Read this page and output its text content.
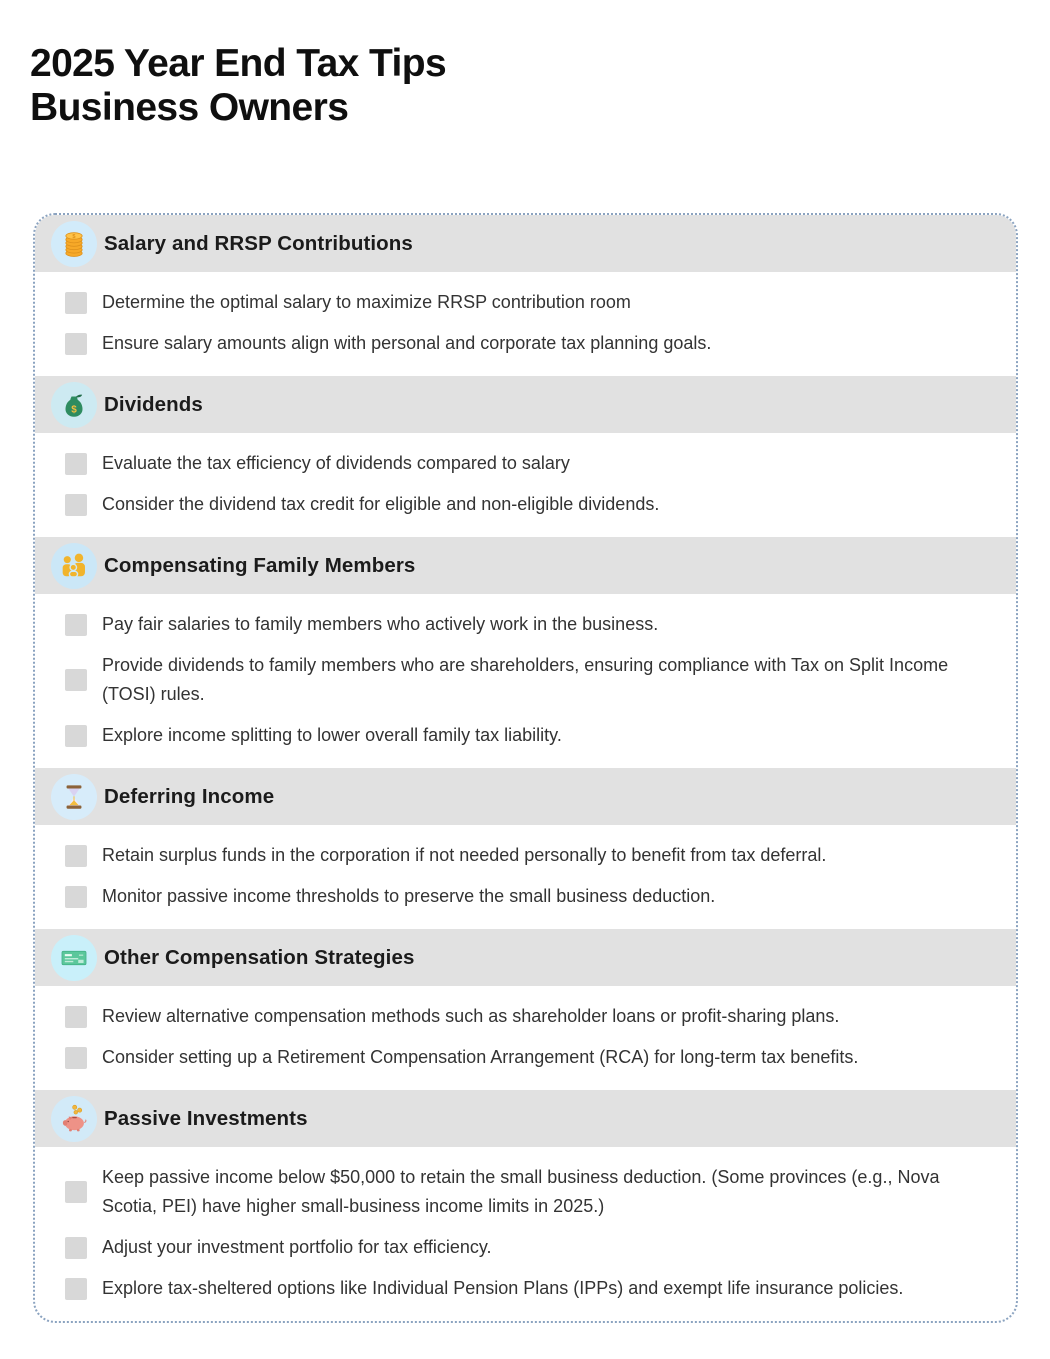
2025 Year End Tax Tips
Business Owners
Salary and RRSP Contributions
Determine the optimal salary to maximize RRSP contribution room
Ensure salary amounts align with personal and corporate tax planning goals.
Dividends
Evaluate the tax efficiency of dividends compared to salary
Consider the dividend tax credit for eligible and non-eligible dividends.
Compensating Family Members
Pay fair salaries to family members who actively work in the business.
Provide dividends to family members who are shareholders, ensuring compliance with Tax on Split Income (TOSI) rules.
Explore income splitting to lower overall family tax liability.
Deferring Income
Retain surplus funds in the corporation if not needed personally to benefit from tax deferral.
Monitor passive income thresholds to preserve the small business deduction.
Other Compensation Strategies
Review alternative compensation methods such as shareholder loans or profit-sharing plans.
Consider setting up a Retirement Compensation Arrangement (RCA) for long-term tax benefits.
Passive Investments
Keep passive income below $50,000 to retain the small business deduction. (Some provinces (e.g., Nova Scotia, PEI) have higher small-business income limits in 2025.)
Adjust your investment portfolio for tax efficiency.
Explore tax-sheltered options like Individual Pension Plans (IPPs) and exempt life insurance policies.
